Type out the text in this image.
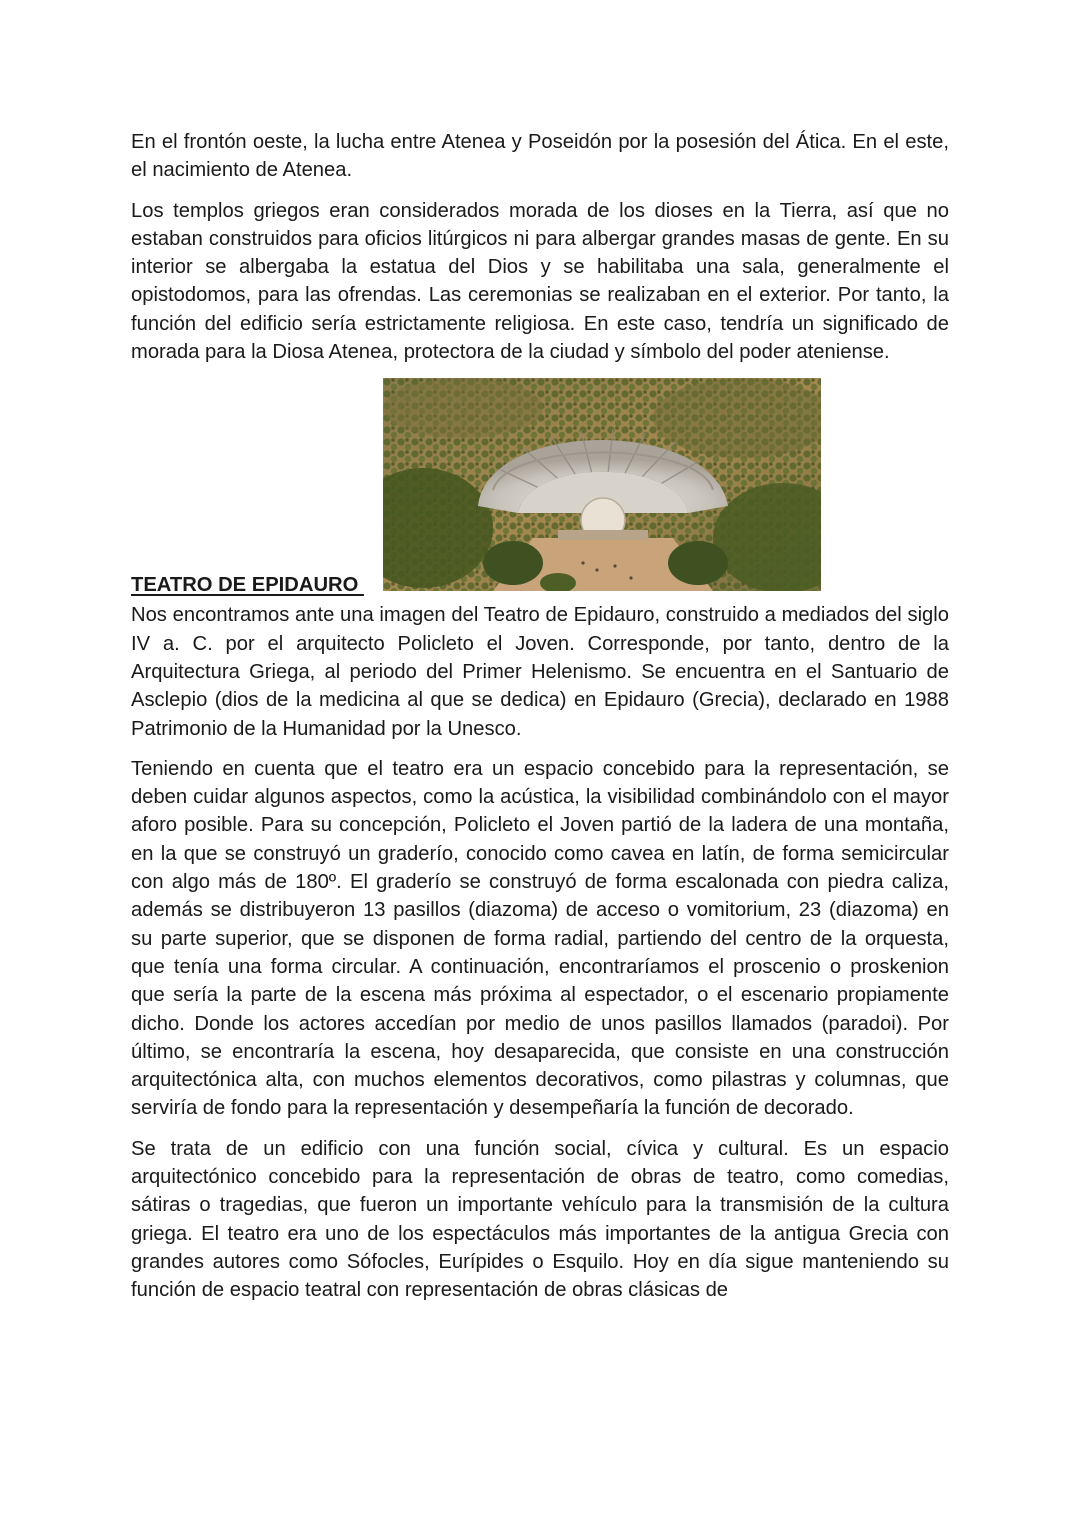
En el frontón oeste, la lucha entre Atenea y Poseidón por la posesión del Ática. En el este, el nacimiento de Atenea.

Los templos griegos eran considerados morada de los dioses en la Tierra, así que no estaban construidos para oficios litúrgicos ni para albergar grandes masas de gente. En su interior se albergaba la estatua del Dios y se habilitaba una sala, generalmente el opistodomos, para las ofrendas. Las ceremonias se realizaban en el exterior. Por tanto, la función del edificio sería estrictamente religiosa. En este caso, tendría un significado de morada para la Diosa Atenea, protectora de la ciudad y símbolo del poder ateniense.

TEATRO DE EPIDAURO

Nos encontramos ante una imagen del Teatro de Epidauro, construido a mediados del siglo IV a. C. por el arquitecto Policleto el Joven. Corresponde, por tanto, dentro de la Arquitectura Griega, al periodo del Primer Helenismo. Se encuentra en el Santuario de Asclepio (dios de la medicina al que se dedica) en Epidauro (Grecia), declarado en 1988 Patrimonio de la Humanidad por la Unesco.

Teniendo en cuenta que el teatro era un espacio concebido para la representación, se deben cuidar algunos aspectos, como la acústica, la visibilidad combinándolo con el mayor aforo posible. Para su concepción, Policleto el Joven partió de la ladera de una montaña, en la que se construyó un graderío, conocido como cavea en latín, de forma semicircular con algo más de 180º. El graderío se construyó de forma escalonada con piedra caliza, además se distribuyeron 13 pasillos (diazoma) de acceso o vomitorium, 23 (diazoma) en su parte superior, que se disponen de forma radial, partiendo del centro de la orquesta, que tenía una forma circular. A continuación, encontraríamos el proscenio o proskenion que sería la parte de la escena más próxima al espectador, o el escenario propiamente dicho. Donde los actores accedían por medio de unos pasillos llamados (paradoi). Por último, se encontraría la escena, hoy desaparecida, que consiste en una construcción arquitectónica alta, con muchos elementos decorativos, como pilastras y columnas, que serviría de fondo para la representación y desempeñaría la función de decorado.

Se trata de un edificio con una función social, cívica y cultural. Es un espacio arquitectónico concebido para la representación de obras de teatro, como comedias, sátiras o tragedias, que fueron un importante vehículo para la transmisión de la cultura griega. El teatro era uno de los espectáculos más importantes de la antigua Grecia con grandes autores como Sófocles, Eurípides o Esquilo. Hoy en día sigue manteniendo su función de espacio teatral con representación de obras clásicas de
